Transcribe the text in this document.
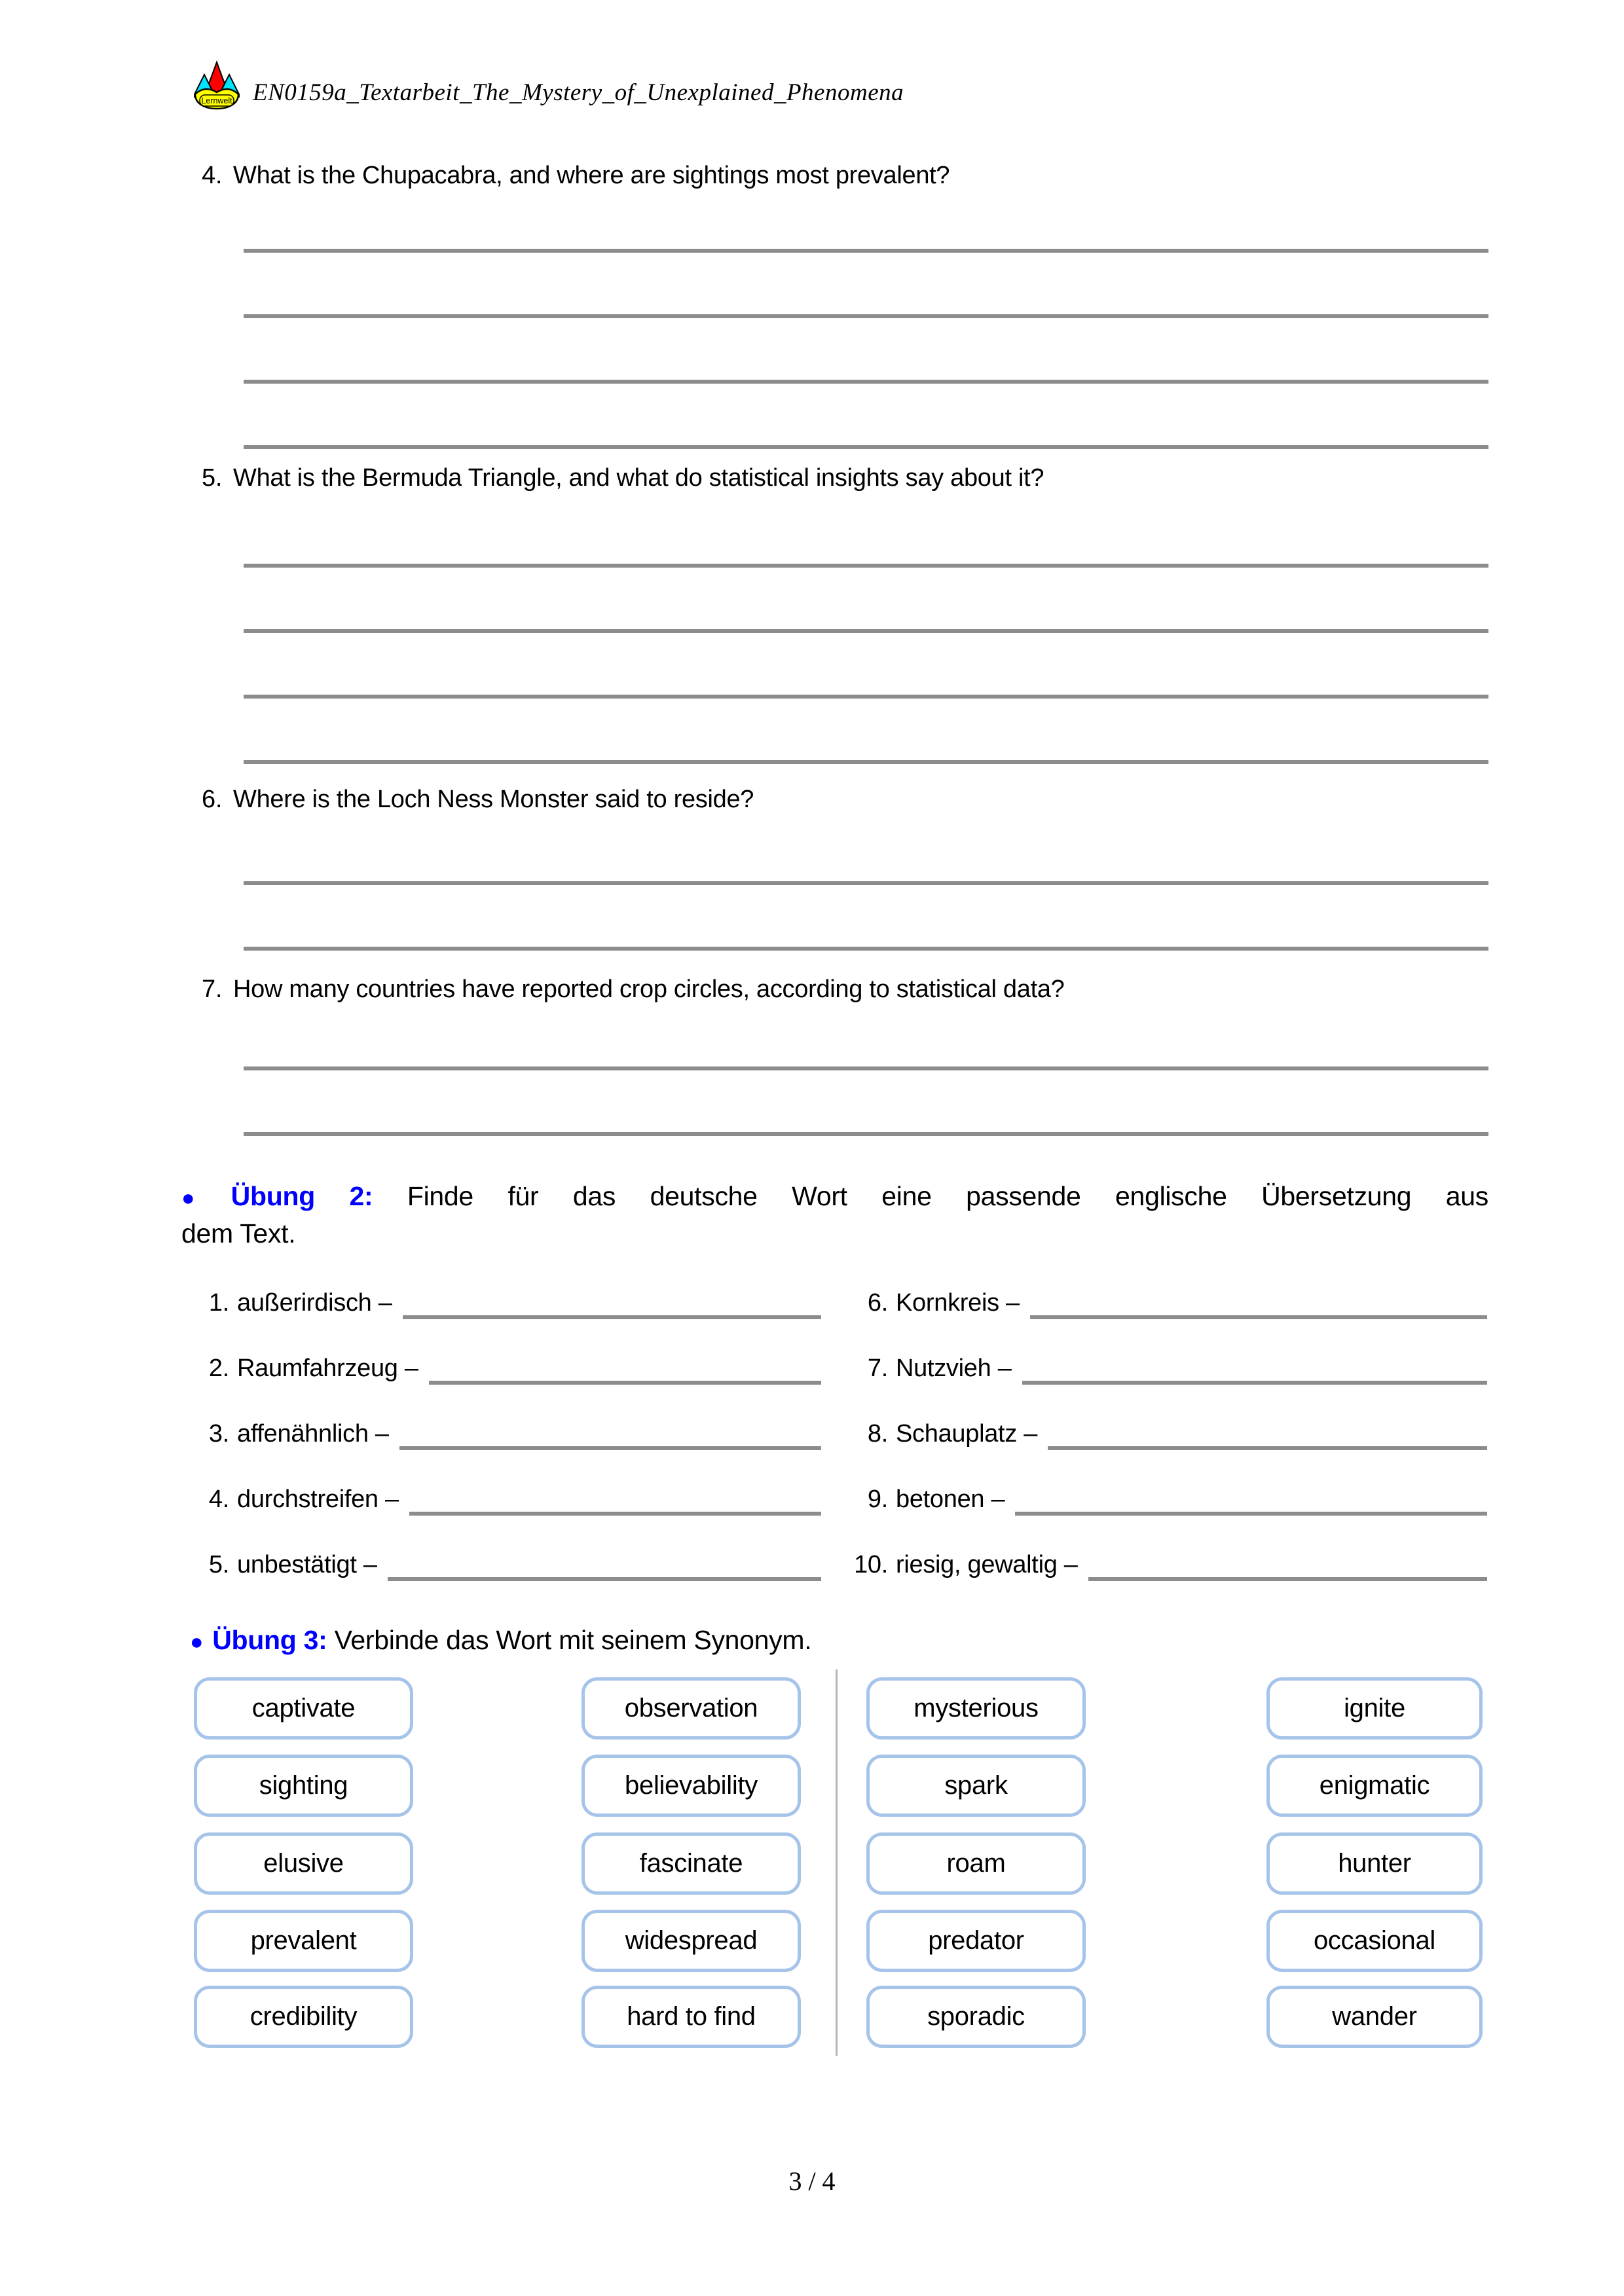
Lernwelt EN0159a_Textarbeit_The_Mystery_of_Unexplained_Phenomena
4. What is the Chupacabra, and where are sightings most prevalent?
5. What is the Bermuda Triangle, and what do statistical insights say about it?
6. Where is the Loch Ness Monster said to reside?
7. How many countries have reported crop circles, according to statistical data?
● Übung 2: Finde für das deutsche Wort eine passende englische Übersetzung aus
dem Text.
1. außerirdisch –
2. Raumfahrzeug –
3. affenähnlich –
4. durchstreifen –
5. unbestätigt –
6. Kornkreis –
7. Nutzvieh –
8. Schauplatz –
9. betonen –
10. riesig, gewaltig –
● Übung 3: Verbinde das Wort mit seinem Synonym.
captivate
sighting
elusive
prevalent
credibility
observation
believability
fascinate
widespread
hard to find
mysterious
spark
roam
predator
sporadic
ignite
enigmatic
hunter
occasional
wander
3 / 4
